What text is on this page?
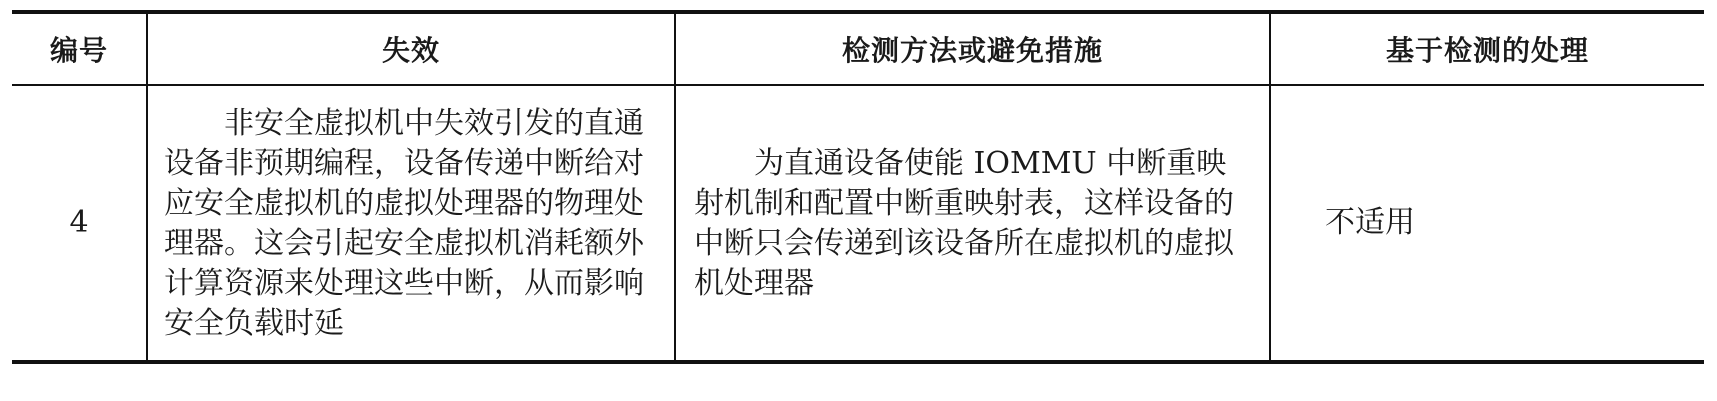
编号	失效	检测方法或避免措施	基于检测的处理
4	非安全虚拟机中失效引发的直通设备非预期编程，设备传递中断给对应安全虚拟机的虚拟处理器的物理处理器。这会引起安全虚拟机消耗额外计算资源来处理这些中断，从而影响安全负载时延	为直通设备使能 IOMMU 中断重映射机制和配置中断重映射表，这样设备的中断只会传递到该设备所在虚拟机的虚拟机处理器	不适用
